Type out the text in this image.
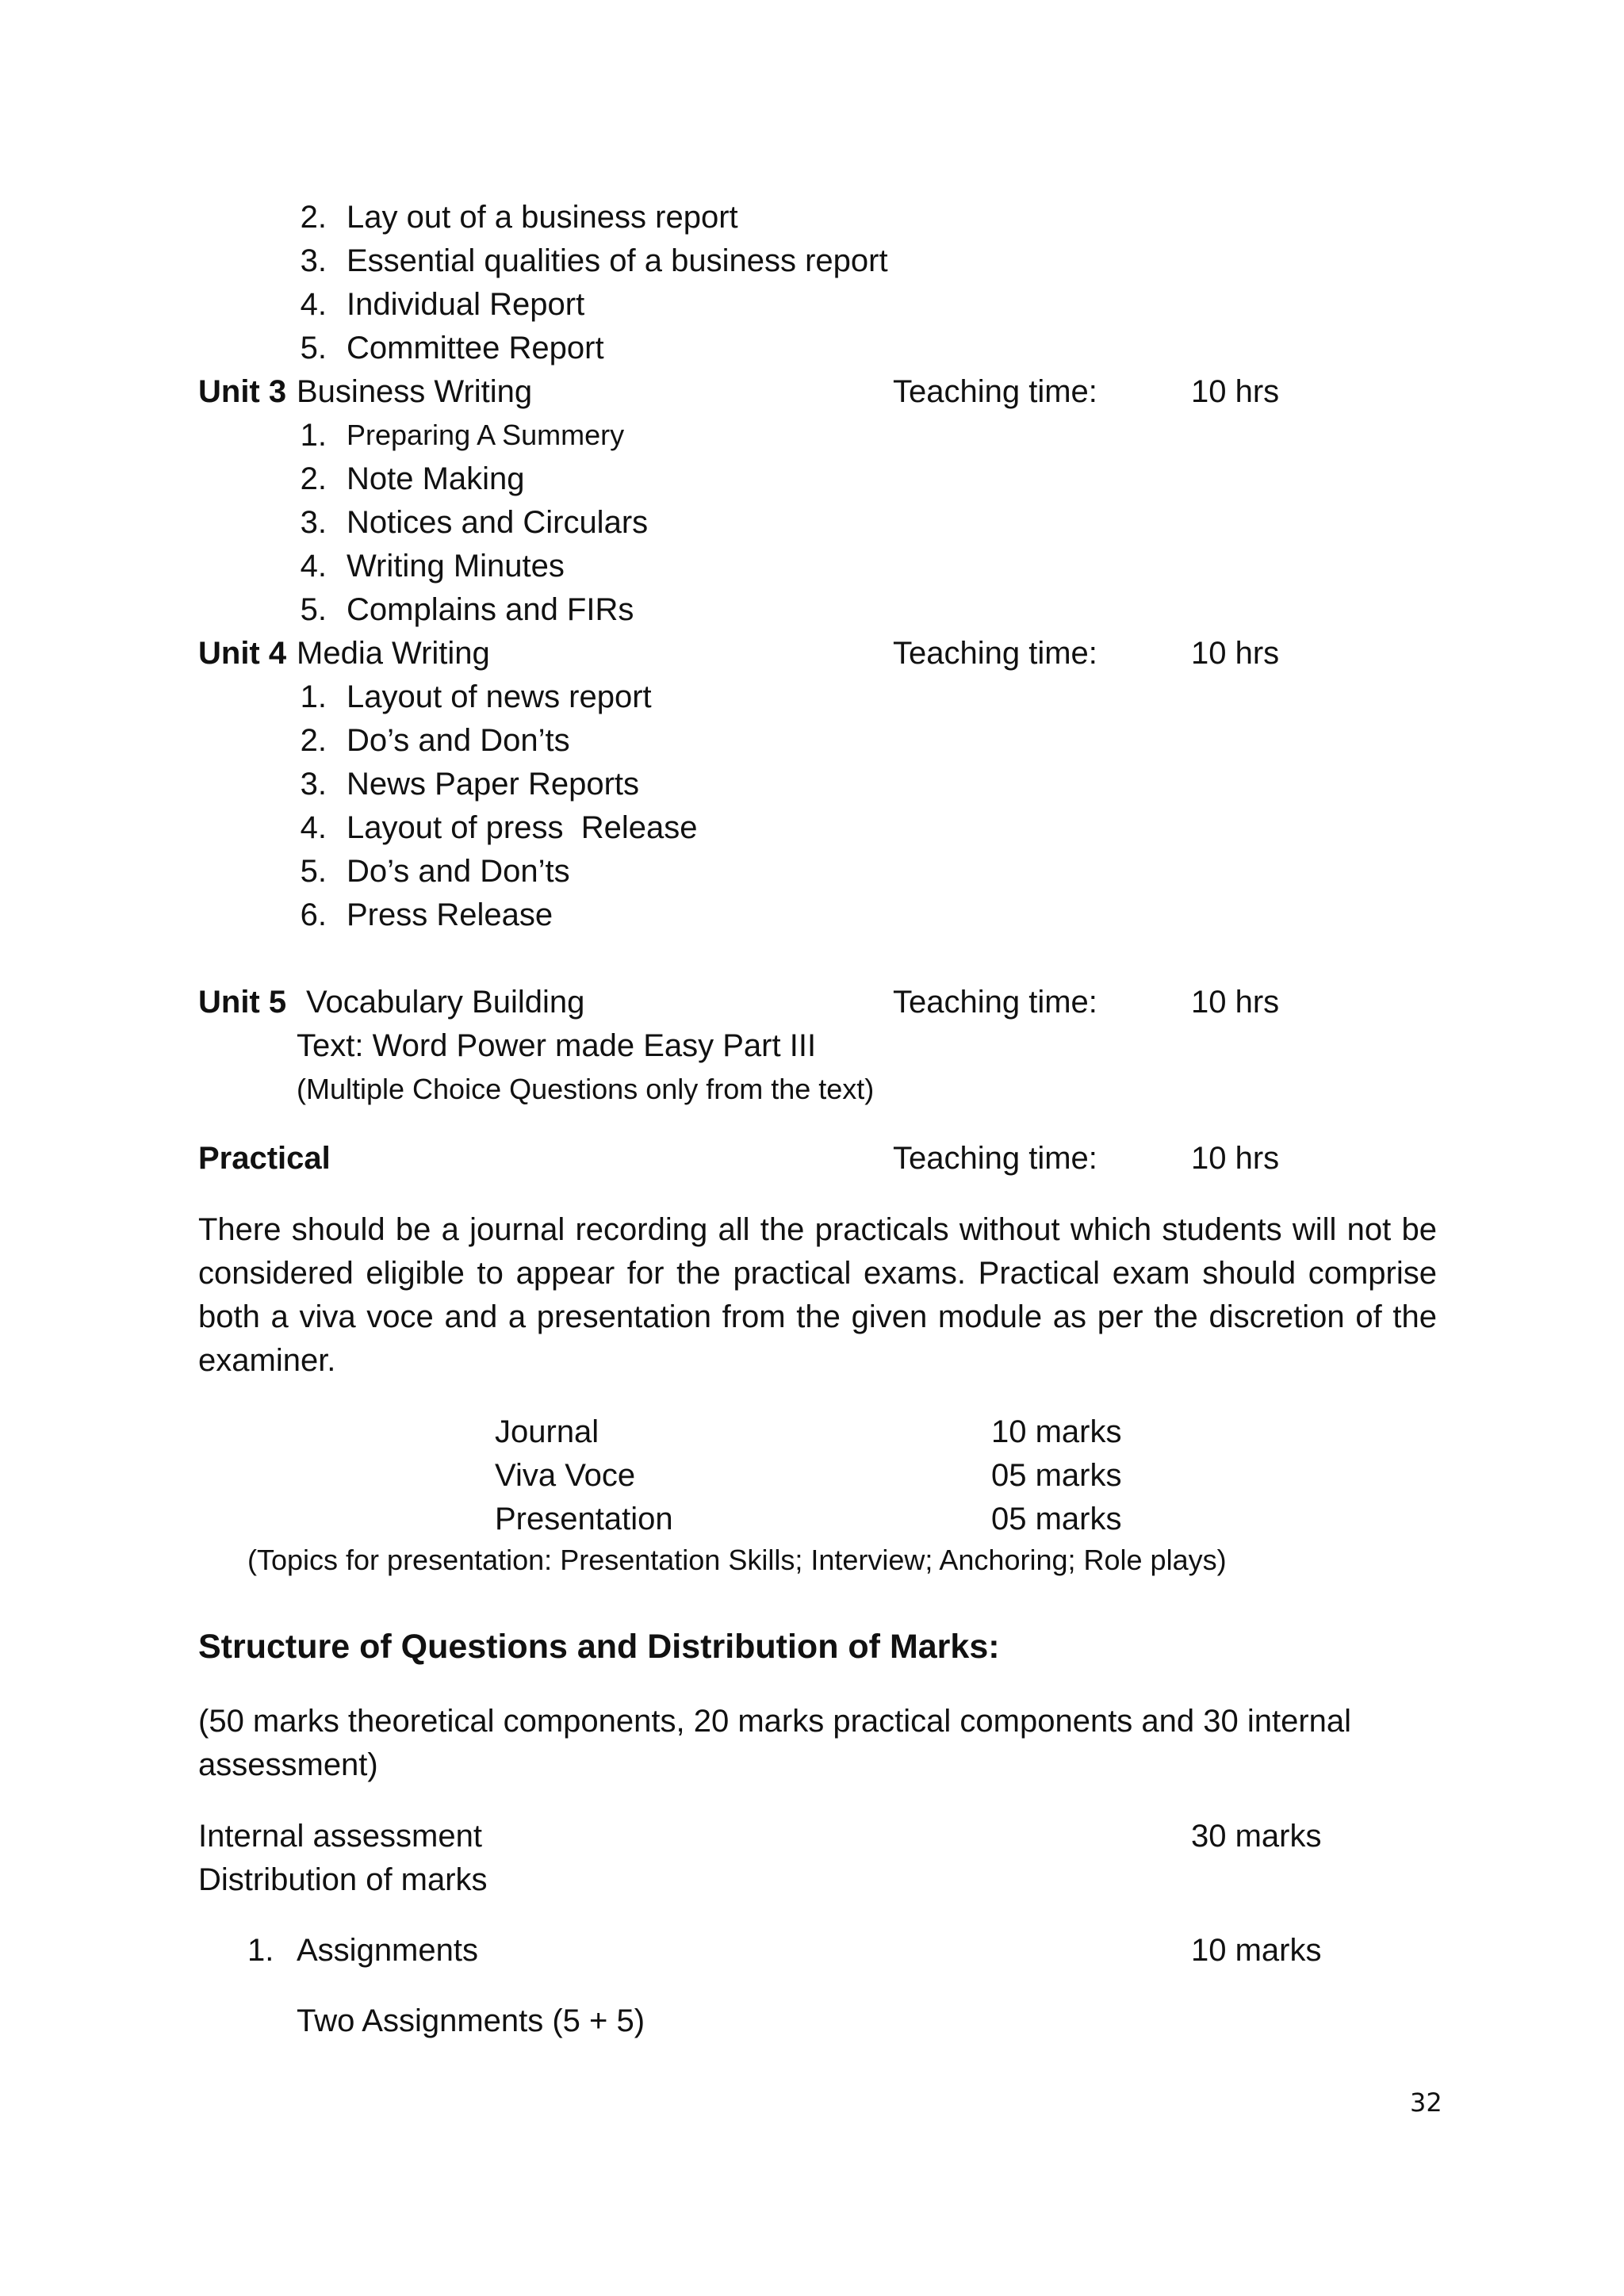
2. Lay out of a business report
3. Essential qualities of a business report
4. Individual Report
5. Committee Report
Unit 3 Business Writing	Teaching time:	10 hrs
1. Preparing A Summery
2. Note Making
3. Notices and Circulars
4. Writing Minutes
5. Complains and FIRs
Unit 4 Media Writing	Teaching time:	10 hrs
1. Layout of news report
2. Do’s and Don’ts
3. News Paper Reports
4. Layout of press  Release
5. Do’s and Don’ts
6. Press Release
Unit 5 Vocabulary Building	Teaching time:	10 hrs
Text: Word Power made Easy Part III
(Multiple Choice Questions only from the text)
Practical	Teaching time:	10 hrs
There should be a journal recording all the practicals without which students will not be considered eligible to appear for the practical exams. Practical exam should comprise both a viva voce and a presentation from the given module as per the discretion of the examiner.
Journal	10 marks
Viva Voce	05 marks
Presentation	05 marks
(Topics for presentation: Presentation Skills; Interview; Anchoring; Role plays)
Structure of Questions and Distribution of Marks:
(50 marks theoretical components, 20 marks practical components and 30 internal assessment)
Internal assessment	30 marks
Distribution of marks
1. Assignments	10 marks
Two Assignments (5 + 5)
32
